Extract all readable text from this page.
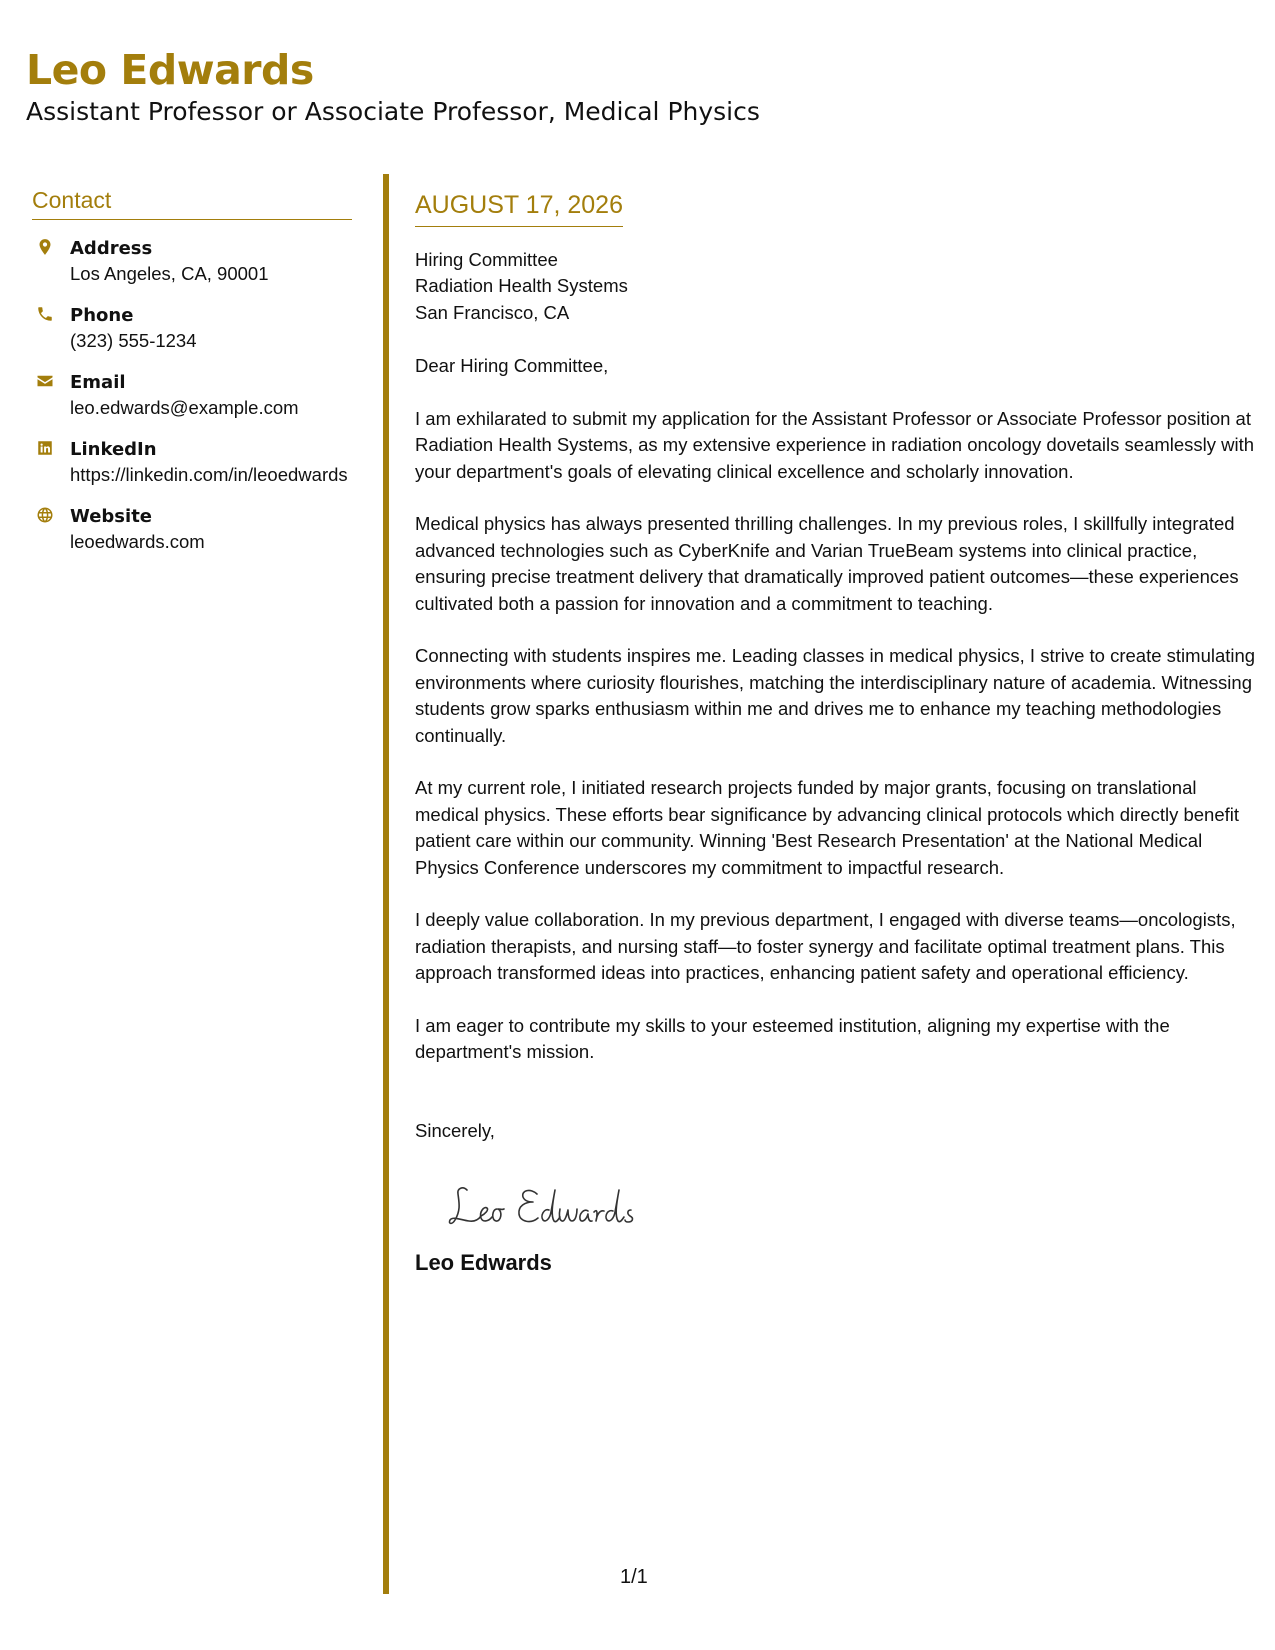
Leo Edwards
Assistant Professor or Associate Professor, Medical Physics
Contact
Address
Los Angeles, CA, 90001
Phone
(323) 555-1234
Email
leo.edwards@example.com
LinkedIn
https://linkedin.com/in/leoedwards
Website
leoedwards.com
AUGUST 17, 2026
Hiring Committee
Radiation Health Systems
San Francisco, CA
Dear Hiring Committee,

I am exhilarated to submit my application for the Assistant Professor or Associate Professor position at Radiation Health Systems, as my extensive experience in radiation oncology dovetails seamlessly with your department's goals of elevating clinical excellence and scholarly innovation.

Medical physics has always presented thrilling challenges. In my previous roles, I skillfully integrated advanced technologies such as CyberKnife and Varian TrueBeam systems into clinical practice, ensuring precise treatment delivery that dramatically improved patient outcomes—these experiences cultivated both a passion for innovation and a commitment to teaching.

Connecting with students inspires me. Leading classes in medical physics, I strive to create stimulating environments where curiosity flourishes, matching the interdisciplinary nature of academia. Witnessing students grow sparks enthusiasm within me and drives me to enhance my teaching methodologies continually.

At my current role, I initiated research projects funded by major grants, focusing on translational medical physics. These efforts bear significance by advancing clinical protocols which directly benefit patient care within our community. Winning 'Best Research Presentation' at the National Medical Physics Conference underscores my commitment to impactful research.

I deeply value collaboration. In my previous department, I engaged with diverse teams—oncologists, radiation therapists, and nursing staff—to foster synergy and facilitate optimal treatment plans. This approach transformed ideas into practices, enhancing patient safety and operational efficiency.

I am eager to contribute my skills to your esteemed institution, aligning my expertise with the department's mission.

Sincerely,
Leo Edwards
1/1
